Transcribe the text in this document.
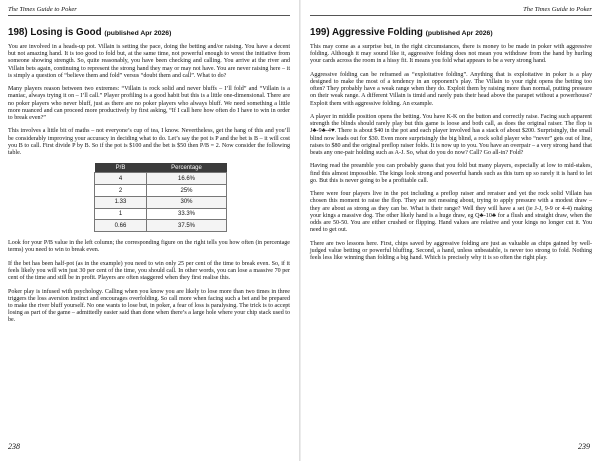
The Times Guide to Poker
198) Losing is Good (published Apr 2026)

You are involved in a heads-up pot. Villain is setting the pace, doing the betting and/or raising. You have a decent but not amazing hand. It is too good to fold but, at the same time, not powerful enough to wrest the initiative from someone showing strength. So, quite reasonably, you have been checking and calling. You arrive at the river and Villain bets again, continuing to represent the strong hand they may or may not have. You are never raising here – it is simply a question of “believe them and fold” versus “doubt them and call”. What to do?

Many players reason between two extremes: “Villain is rock solid and never bluffs – I’ll fold” and “Villain is a maniac, always trying it on – I’ll call.” Player profiling is a good habit but this is a little one-dimensional. There are no poker players who never bluff, just as there are no poker players who always bluff. We need something a little more nuanced and can proceed more productively by first asking, “If I call here how often do I have to win in order to break even?”

This involves a little bit of maths – not everyone’s cup of tea, I know. Nevertheless, get the hang of this and you’ll be considerably improving your accuracy in deciding what to do. Let’s say the pot is P and the bet is B – it will cost you B to call. First divide P by B. So if the pot is $100 and the bet is $50 then P/B = 2. Now consider the following table.

P/B	Percentage
4	16.6%
2	25%
1.33	30%
1	33.3%
0.66	37.5%

Look for your P/B value in the left column; the corresponding figure on the right tells you how often (in percentage terms) you need to win to break even.

If the bet has been half-pot (as in the example) you need to win only 25 per cent of the time to break even. So, if it feels likely you will win just 30 per cent of the time, you should call. In other words, you can lose a massive 70 per cent of the time and still be in profit. Players are often staggered when they first realise this.

Poker play is infused with psychology. Calling when you know you are likely to lose more than two times in three triggers the loss aversion instinct and encourages overfolding. So call more when facing such a bet and be prepared to make the river bluff yourself. No one wants to lose but, in poker, a fear of loss is paralysing. The trick is to accept losing as part of the game – admittedly easier said than done when there’s a large hole where your chip stack used to be.

238
The Times Guide to Poker
199) Aggressive Folding (published Apr 2026)

This may come as a surprise but, in the right circumstances, there is money to be made in poker with aggressive folding. Although it may sound like it, aggressive folding does not mean you withdraw from the hand by hurling your cards across the room in a hissy fit. It means you fold what appears to be a very strong hand.

Aggressive folding can be reframed as “exploitative folding”. Anything that is exploitative in poker is a play designed to make the most of a tendency in an opponent’s play. The Villain to your right opens the betting too often? They probably have a weak range when they do. Exploit them by raising more than normal, putting pressure on their weak range. A different Villain is timid and rarely puts their head above the parapet without a powerhouse? Exploit them with aggressive folding. An example.

A player in middle position opens the betting. You have K-K on the button and correctly raise. Facing such apparent strength the blinds should rarely play but this game is loose and both call, as does the original raiser. The flop is J♣-9♣-4♥. There is about $40 in the pot and each player involved has a stack of about $200. Surprisingly, the small blind now leads out for $30. Even more surprisingly the big blind, a rock solid player who “never” gets out of line, raises to $80 and the original preflop raiser folds. It is now up to you. You have an overpair – a very strong hand that beats any one-pair holding such as A-J. So, what do you do now? Call? Go all-in? Fold?

Having read the preamble you can probably guess that you fold but many players, especially at low to mid-stakes, find this almost impossible. The kings look strong and powerful hands such as this turn up so rarely it is hard to let go. But this is never going to be a profitable call.

There were four players live in the pot including a preflop raiser and reraiser and yet the rock solid Villain has chosen this moment to raise the flop. They are not messing about, trying to apply pressure with a modest draw – they are about as strong as they can be. What is their range? Well they will have a set (ie J-J, 9-9 or 4-4) making your kings a massive dog. The other likely hand is a huge draw, eg Q♣-10♣ for a flush and straight draw, when the odds are 50-50. You are either crushed or flipping. Hand values are relative and your kings no longer cut it. You need to get out.

There are two lessons here. First, chips saved by aggressive folding are just as valuable as chips gained by well-judged value betting or powerful bluffing. Second, a hand, unless unbeatable, is never too strong to fold. Nothing feels less like winning than folding a big hand. Which is precisely why it is so often the right play.

239
